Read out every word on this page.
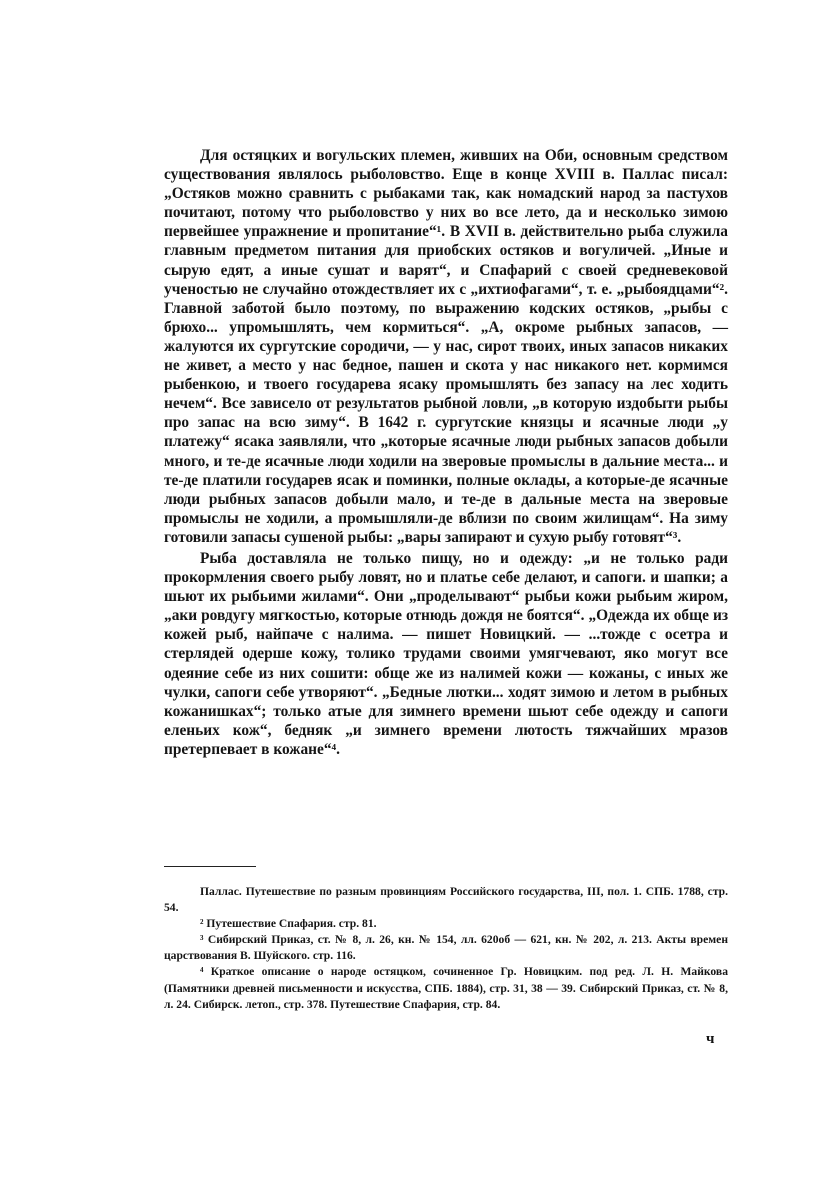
Для остяцких и вогульских племен, живших на Оби, основным средством существования являлось рыболовство. Еще в конце XVIII в. Паллас писал: „Остяков можно сравнить с рыбаками так, как номадский народ за пастухов почитают, потому что рыболовство у них во все лето, да и несколько зимою первейшее упражнение и пропитание“¹. В XVII в. действительно рыба служила главным предметом питания для приобских остяков и вогуличей. „Иные и сырую едят, а иные сушат и варят“, и Спафарий с своей средневековой ученостью не случайно отождествляет их с „ихтиофагами“, т. е. „рыбоядцами“². Главной заботой было поэтому, по выражению кодских остяков, „рыбы с брюхо... упромышлять, чем кормиться“. „А, окроме рыбных запасов, — жалуются их сургутские сородичи, — у нас, сирот твоих, иных запасов никаких не живет, а место у нас бедное, пашен и скота у нас никакого нет. кормимся рыбенкою, и твоего государева ясаку промышлять без запасу на лес ходить нечем“. Все зависело от результатов рыбной ловли, „в которую издобыти рыбы про запас на всю зиму“. В 1642 г. сургутские князцы и ясачные люди „у платежу“ ясака заявляли, что „которые ясачные люди рыбных запасов добыли много, и те-де ясачные люди ходили на зверовые промыслы в дальние места... и те-де платили государев ясак и поминки, полные оклады, а которые-де ясачные люди рыбных запасов добыли мало, и те-де в дальные места на зверовые промыслы не ходили, а промышляли-де вблизи по своим жилищам“. На зиму готовили запасы сушеной рыбы: „вары запирают и сухую рыбу готовят“³.

Рыба доставляла не только пищу, но и одежду: „и не только ради прокормления своего рыбу ловят, но и платье себе делают, и сапоги. и шапки; а шьют их рыбьими жилами“. Они „проделывают“ рыбьи кожи рыбьим жиром, „аки ровдугу мягкостью, которые отнюдь дождя не боятся“. „Одежда их обще из кожей рыб, найпаче с налима. — пишет Новицкий. — ...тожде с осетра и стерлядей одерше кожу, толико трудами своими умягчевают, яко могут все одеяние себе из них сошити: обще же из налимей кожи — кожаны, с иных же чулки, сапоги себе утворяют“. „Бедные лютки... ходят зимою и летом в рыбных кожанишках“; только атые для зимнего времени шьют себе одежду и сапоги еленьих кож“, бедняк „и зимнего времени лютость тяжчайших мразов претерпевает в кожане“⁴.

Паллас. Путешествие по разным провинциям Российского государства, III, пол. 1. СПБ. 1788, стр. 54.

² Путешествие Спафария. стр. 81.

³ Сибирский Приказ, ст. № 8, л. 26, кн. № 154, лл. 620об — 621, кн. № 202, л. 213. Акты времен царствования В. Шуйского. стр. 116.

⁴ Краткое описание о народе остяцком, сочиненное Гр. Новицким. под ред. Л. Н. Майкова (Памятники древней письменности и искусства, СПБ. 1884), стр. 31, 38 — 39. Сибирский Приказ, ст. № 8, л. 24. Сибирск. летоп., стр. 378. Путешествие Спафария, стр. 84.

ч
